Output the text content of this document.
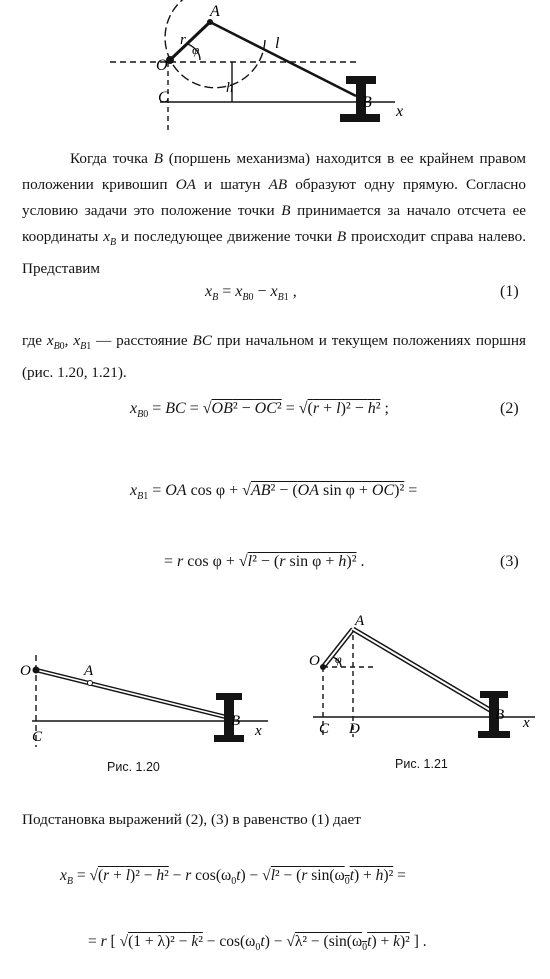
A
r
φ	l
O
C
h
B
x
Когда точка B (поршень механизма) находится в ее крайнем правом положении кривошип OA и шатун AB образуют одну прямую. Согласно условию задачи это положение точки B принимается за начало отсчета ее координаты $x_B$ и последующее движение точки B происходит справа налево. Представим
$x_B = x_{B0} - x_{B1}$ ,	(1)
где $x_{B0}$, $x_{B1}$ — расстояние BC при начальном и текущем положениях поршня (рис. 1.20, 1.21).
$x_{B0}$ = BC = √OB² − OC² = √(r + l)² − h² ;	(2)
$x_{B1}$ = OA cos φ + √AB² − (OA sin φ + OC)² =
= r cos φ + √l² − (r sin φ + h)² .	(3)
O	A
C
B
x
Рис. 1.20
A
O φ
C D
B x
Рис. 1.21
Подстановка выражений (2), (3) в равенство (1) дает
$x_B = √(r + l)^2 - h^2 - r$ $\cos(\omega_0t) - √l^2 - (r$ $\sin(\omega_0t) + h)^2$ =
= r [ $√(1 + \lambda)^2 - k^2 - \cos(\omega_0t) - √\lambda^2 - (\sin(\omega_0t) + k)^2$ ] .
